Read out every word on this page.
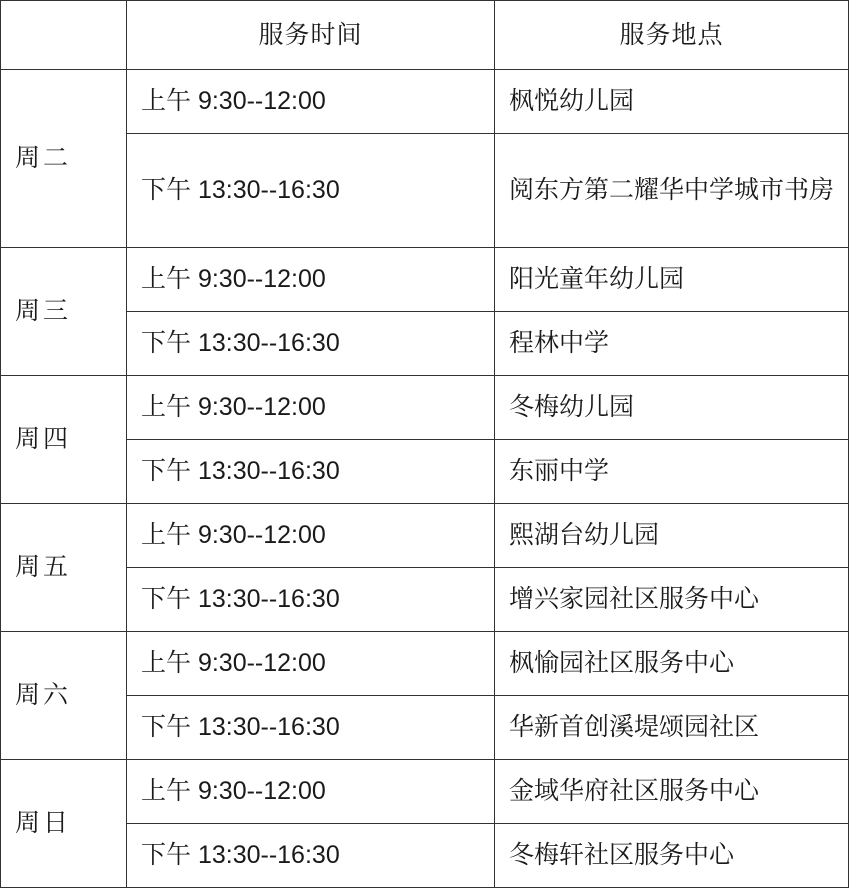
	服务时间	服务地点
周二	上午 9:30--12:00	枫悦幼儿园
	下午 13:30--16:30	阅东方第二耀华中学城市书房
周三	上午 9:30--12:00	阳光童年幼儿园
	下午 13:30--16:30	程林中学
周四	上午 9:30--12:00	冬梅幼儿园
	下午 13:30--16:30	东丽中学
周五	上午 9:30--12:00	熙湖台幼儿园
	下午 13:30--16:30	增兴家园社区服务中心
周六	上午 9:30--12:00	枫愉园社区服务中心
	下午 13:30--16:30	华新首创溪堤颂园社区
周日	上午 9:30--12:00	金域华府社区服务中心
	下午 13:30--16:30	冬梅轩社区服务中心
